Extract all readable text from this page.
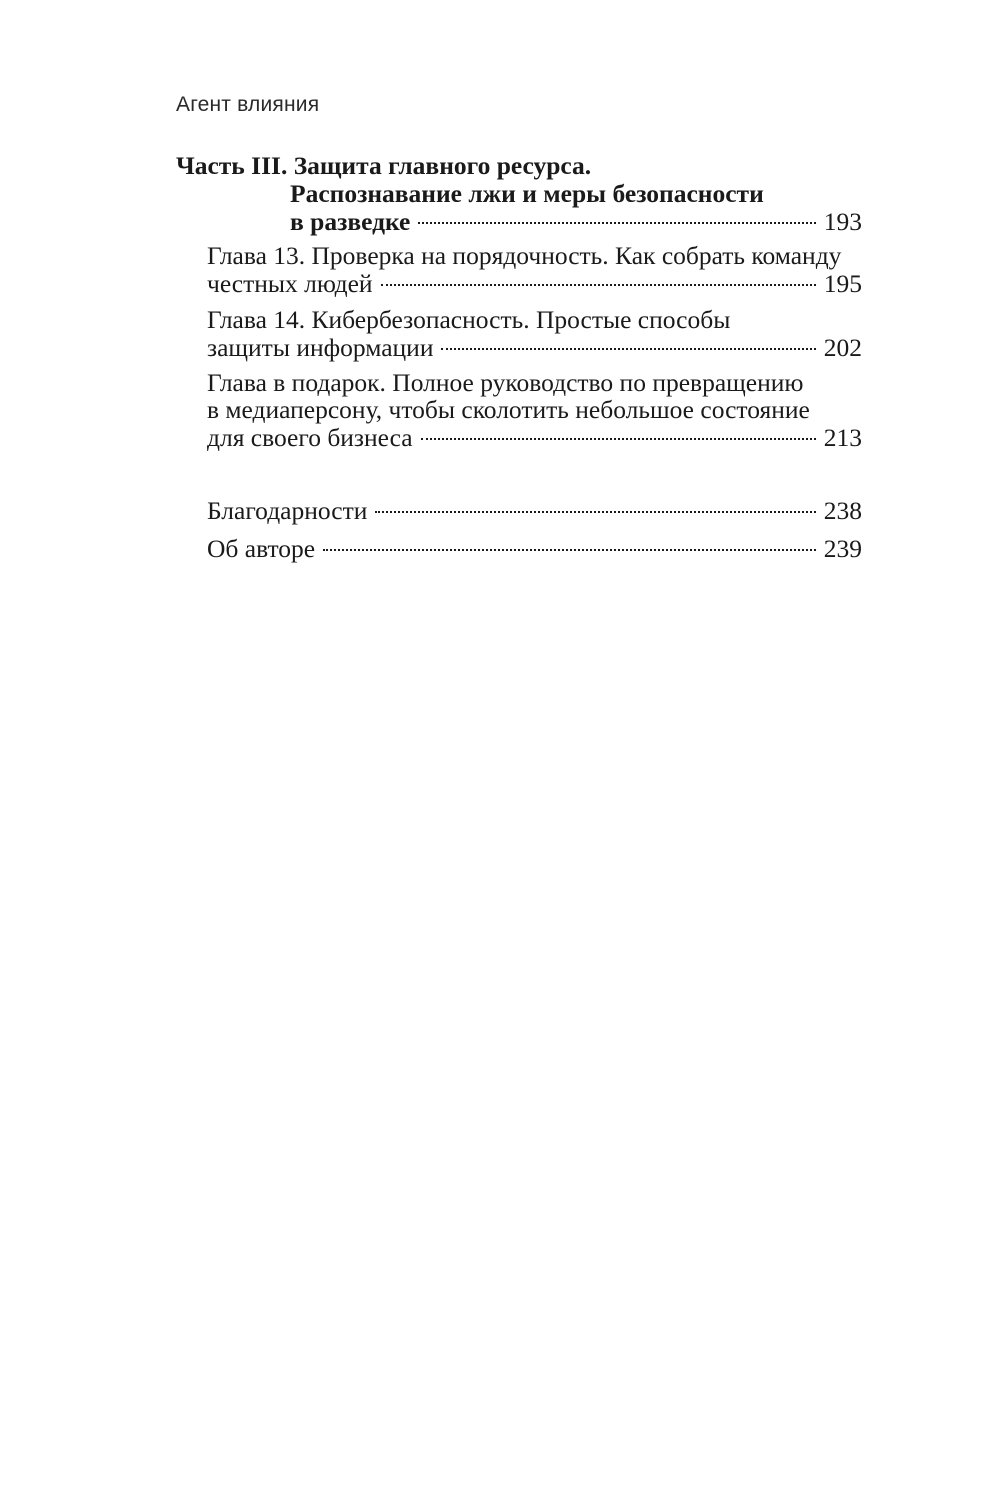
Агент влияния
Часть III. Защита главного ресурса.
Распознавание лжи и меры безопасности
в разведке	193
Глава 13. Проверка на порядочность. Как собрать команду
честных людей	195
Глава 14. Кибербезопасность. Простые способы
защиты информации	202
Глава в подарок. Полное руководство по превращению
в медиаперсону, чтобы сколотить небольшое состояние
для своего бизнеса	213
Благодарности	238
Об авторе	239
